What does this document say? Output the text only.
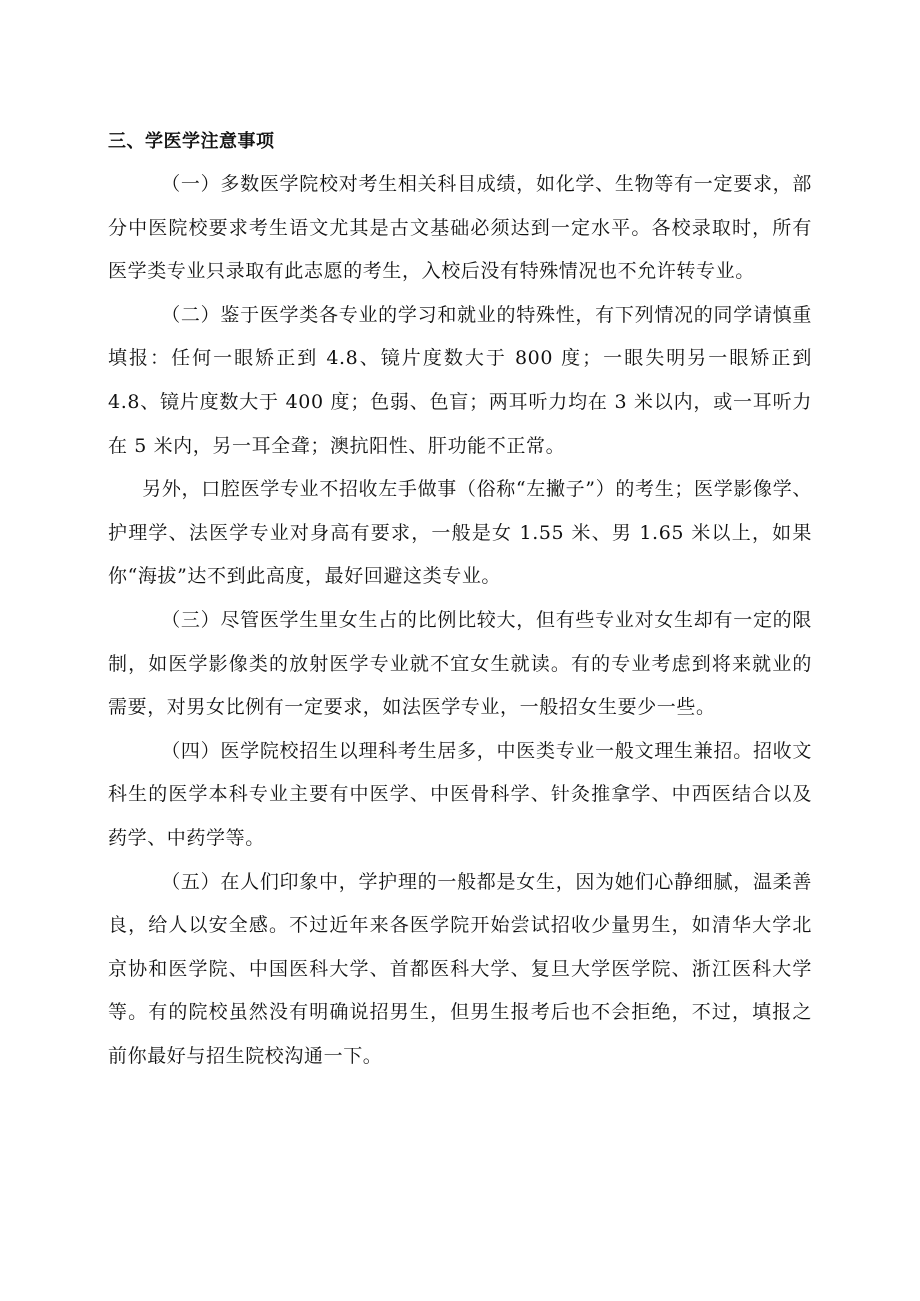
三、学医学注意事项

（一）多数医学院校对考生相关科目成绩，如化学、生物等有一定要求，部分中医院校要求考生语文尤其是古文基础必须达到一定水平。各校录取时，所有医学类专业只录取有此志愿的考生，入校后没有特殊情况也不允许转专业。

（二）鉴于医学类各专业的学习和就业的特殊性，有下列情况的同学请慎重填报：任何一眼矫正到 4.8、镜片度数大于 800 度；一眼失明另一眼矫正到 4.8、镜片度数大于 400 度；色弱、色盲；两耳听力均在 3 米以内，或一耳听力在 5 米内，另一耳全聋；澳抗阳性、肝功能不正常。

另外，口腔医学专业不招收左手做事（俗称“左撇子”）的考生；医学影像学、护理学、法医学专业对身高有要求，一般是女 1.55 米、男 1.65 米以上，如果你“海拔”达不到此高度，最好回避这类专业。

（三）尽管医学生里女生占的比例比较大，但有些专业对女生却有一定的限制，如医学影像类的放射医学专业就不宜女生就读。有的专业考虑到将来就业的需要，对男女比例有一定要求，如法医学专业，一般招女生要少一些。

（四）医学院校招生以理科考生居多，中医类专业一般文理生兼招。招收文科生的医学本科专业主要有中医学、中医骨科学、针灸推拿学、中西医结合以及药学、中药学等。

（五）在人们印象中，学护理的一般都是女生，因为她们心静细腻，温柔善良，给人以安全感。不过近年来各医学院开始尝试招收少量男生，如清华大学北京协和医学院、中国医科大学、首都医科大学、复旦大学医学院、浙江医科大学等。有的院校虽然没有明确说招男生，但男生报考后也不会拒绝，不过，填报之前你最好与招生院校沟通一下。
